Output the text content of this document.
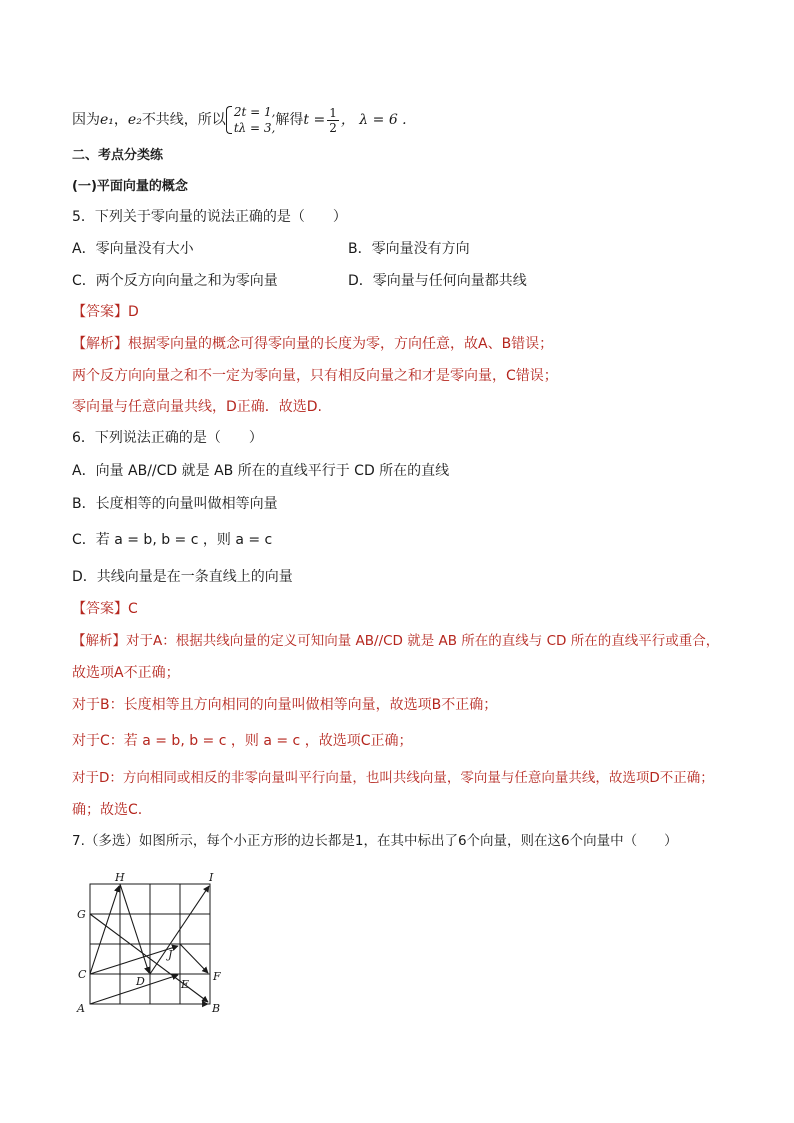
因为e₁，e₂不共线，所以 2t = 1,
tλ = 3, 解得$t = \frac{1}{2}$ ， λ = 6 .
二、考点分类练
(一)平面向量的概念
5．下列关于零向量的说法正确的是（　　）
A．零向量没有大小	B．零向量没有方向
C．两个反方向向量之和为零向量	D．零向量与任何向量都共线
【答案】D
【解析】根据零向量的概念可得零向量的长度为零，方向任意，故A、B错误；
两个反方向向量之和不一定为零向量，只有相反向量之和才是零向量，C错误；
零向量与任意向量共线，D正确．故选D.
6．下列说法正确的是（　　）
A．向量 AB//CD 就是 AB 所在的直线平行于 CD 所在的直线
B．长度相等的向量叫做相等向量
C．若 a = b, b = c ，则 a = c
D．共线向量是在一条直线上的向量
【答案】C
【解析】对于A：根据共线向量的定义可知向量 AB//CD 就是 AB 所在的直线与 CD 所在的直线平行或重合，
故选项A不正确；
对于B：长度相等且方向相同的向量叫做相等向量，故选项B不正确；
对于C：若 a = b, b = c ，则 a = c ，故选项C正确；
对于D：方向相同或相反的非零向量叫平行向量，也叫共线向量，零向量与任意向量共线，故选项D不正确；
确；故选C.
7.（多选）如图所示，每个小正方形的边长都是1，在其中标出了6个向量，则在这6个向量中（　　）
H	I
G
J
C	F
D	E
A	B
